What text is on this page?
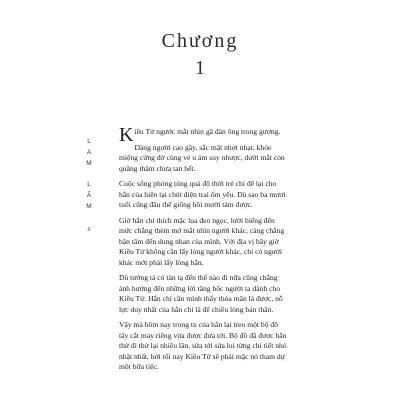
Chương
1
L
A
M
L
Ã
M
6

Kiều Tử ngước mắt nhìn gã đàn ông trong gương.

Dáng người cao gầy, sắc mặt nhợt nhạt, khóe miệng cứng đờ cùng vẻ u ám suy nhược, dưới mắt còn quầng thâm chưa tan hết.

Cuộc sống phóng túng quá độ thời trẻ chỉ để lại cho hắn của hiện tại chút diện trai ốm yếu. Dù sao ba mươi tuổi cũng đâu thể giống hồi mười tám được.

Giờ hắn chỉ thích mặc lụa đeo ngọc, lười biếng đến mức chẳng thèm mở mắt nhìn người khác, càng chẳng bận tâm đến dung nhan của mình. Với địa vị bây giờ Kiều Tử không cần lấy lòng người khác, chỉ có người khác mới phải lấy lòng hắn.

Dù tướng tá có tàn tạ đến thế nào đi nữa cũng chẳng ảnh hưởng đến những lời tâng bốc người ta dành cho Kiều Tử. Hắn chỉ cần mình thấy thỏa mãn là được, nỗ lực duy nhất của hắn chỉ là để chiều lòng bản thân.

Vậy mà hôm nay trong tủ của hắn lại treo một bộ đồ tây cắt may riêng vừa được đưa tới. Bộ đồ đã được hắn thử đi thử lại nhiều lần, sửa tới sửa lui từng chi tiết nhỏ nhặt nhất, bởi tối nay Kiều Tử sẽ phải mặc nó tham dự một bữa tiệc.
